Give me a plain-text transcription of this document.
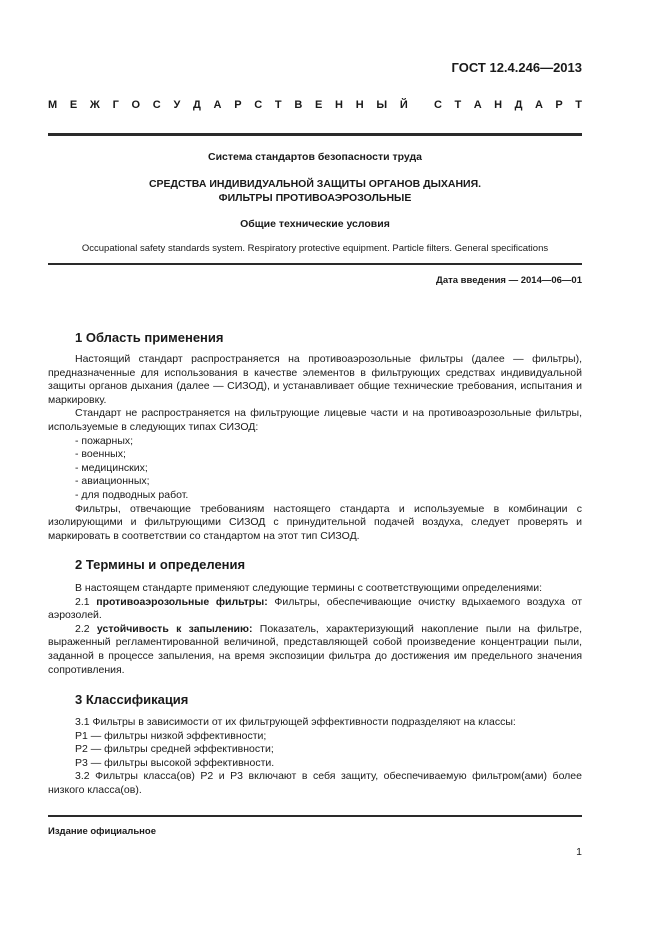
ГОСТ 12.4.246—2013
М Е Ж Г О С У Д А Р С Т В Е Н Н Ы Й С Т А Н Д А Р Т
Система стандартов безопасности труда
СРЕДСТВА ИНДИВИДУАЛЬНОЙ ЗАЩИТЫ ОРГАНОВ ДЫХАНИЯ.
ФИЛЬТРЫ ПРОТИВОАЭРОЗОЛЬНЫЕ
Общие технические условия
Occupational safety standards system. Respiratory protective equipment. Particle filters. General specifications
Дата введения — 2014—06—01
1 Область применения

Настоящий стандарт распространяется на противоаэрозольные фильтры (далее — фильтры), предназначенные для использования в качестве элементов в фильтрующих средствах индивидуальной защиты органов дыхания (далее — СИЗОД), и устанавливает общие технические требования, испытания и маркировку.

Стандарт не распространяется на фильтрующие лицевые части и на противоаэрозольные фильтры, используемые в следующих типах СИЗОД:

- пожарных;

- военных;

- медицинских;

- авиационных;

- для подводных работ.

Фильтры, отвечающие требованиям настоящего стандарта и используемые в комбинации с изолирующими и фильтрующими СИЗОД с принудительной подачей воздуха, следует проверять и маркировать в соответствии со стандартом на этот тип СИЗОД.

2 Термины и определения

В настоящем стандарте применяют следующие термины с соответствующими определениями:

2.1 противоаэрозольные фильтры: Фильтры, обеспечивающие очистку вдыхаемого воздуха от аэрозолей.

2.2 устойчивость к запылению: Показатель, характеризующий накопление пыли на фильтре, выраженный регламентированной величиной, представляющей собой произведение концентрации пыли, заданной в процессе запыления, на время экспозиции фильтра до достижения им предельного значения сопротивления.

3 Классификация

3.1 Фильтры в зависимости от их фильтрующей эффективности подразделяют на классы:

Р1 — фильтры низкой эффективности;

Р2 — фильтры средней эффективности;

Р3 — фильтры высокой эффективности.

3.2 Фильтры класса(ов) Р2 и Р3 включают в себя защиту, обеспечиваемую фильтром(ами) более низкого класса(ов).

Издание официальное
1
